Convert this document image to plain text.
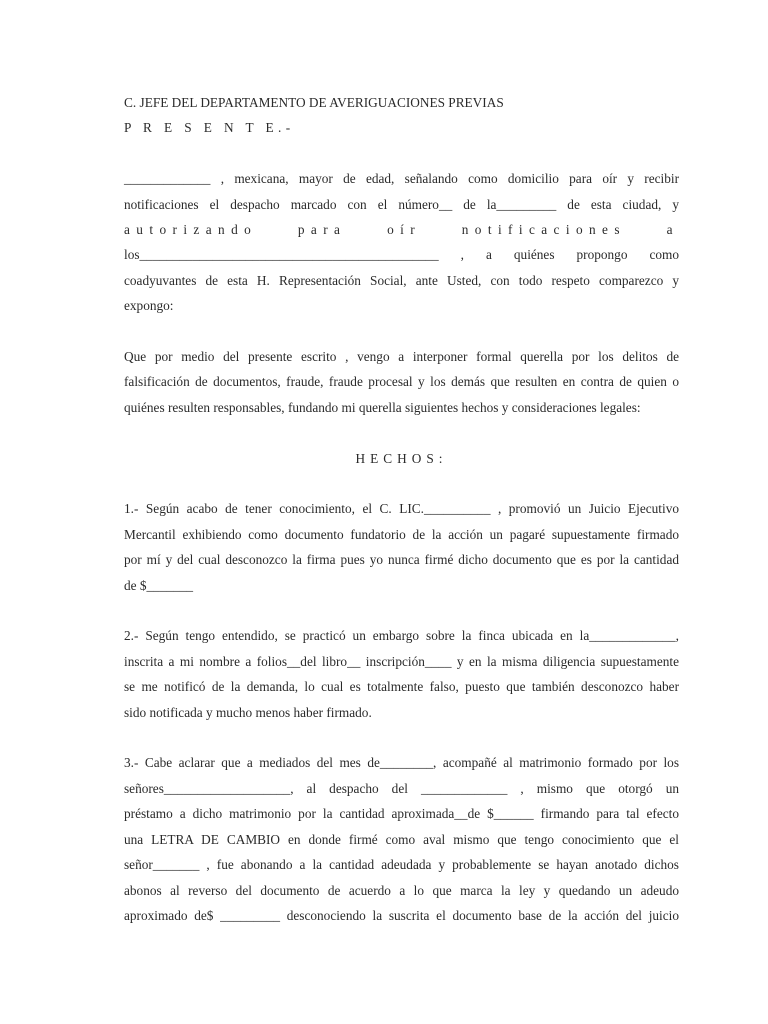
C. JEFE DEL DEPARTAMENTO DE AVERIGUACIONES PREVIAS

P R E S E N T E.-

_____________ , mexicana, mayor de edad, señalando como domicilio para oír y recibir
notificaciones el despacho marcado con el número__ de la_________ de esta ciudad, y
autorizando	para	oír	notificaciones	a
los_____________________________________________ , a quiénes propongo como
coadyuvantes de esta H. Representación Social, ante Usted, con todo respeto comparezco y
expongo:
Que por medio del presente escrito , vengo a interponer formal querella por los delitos de
falsificación de documentos, fraude, fraude procesal y los demás que resulten en contra de quien o
quiénes resulten responsables, fundando mi querella siguientes hechos y consideraciones legales:

HECHOS:

1.- Según acabo de tener conocimiento, el C. LIC.__________ , promovió un Juicio Ejecutivo
Mercantil exhibiendo como documento fundatorio de la acción un pagaré supuestamente firmado
por mí y del cual desconozco la firma pues yo nunca firmé dicho documento que es por la cantidad
de $_______
2.- Según tengo entendido, se practicó un embargo sobre la finca ubicada en la_____________,
inscrita a mi nombre a folios__del libro__ inscripción____ y en la misma diligencia supuestamente
se me notificó de la demanda, lo cual es totalmente falso, puesto que también desconozco haber
sido notificada y mucho menos haber firmado.
3.- Cabe aclarar que a mediados del mes de________, acompañé al matrimonio formado por los
señores___________________, al despacho del _____________ , mismo que otorgó un
préstamo a dicho matrimonio por la cantidad aproximada__de $______ firmando para tal efecto
una LETRA DE CAMBIO en donde firmé como aval mismo que tengo conocimiento que el
señor_______ , fue abonando a la cantidad adeudada y probablemente se hayan anotado dichos
abonos al reverso del documento de acuerdo a lo que marca la ley y quedando un adeudo
aproximado de$ _________ desconociendo la suscrita el documento base de la acción del juicio
